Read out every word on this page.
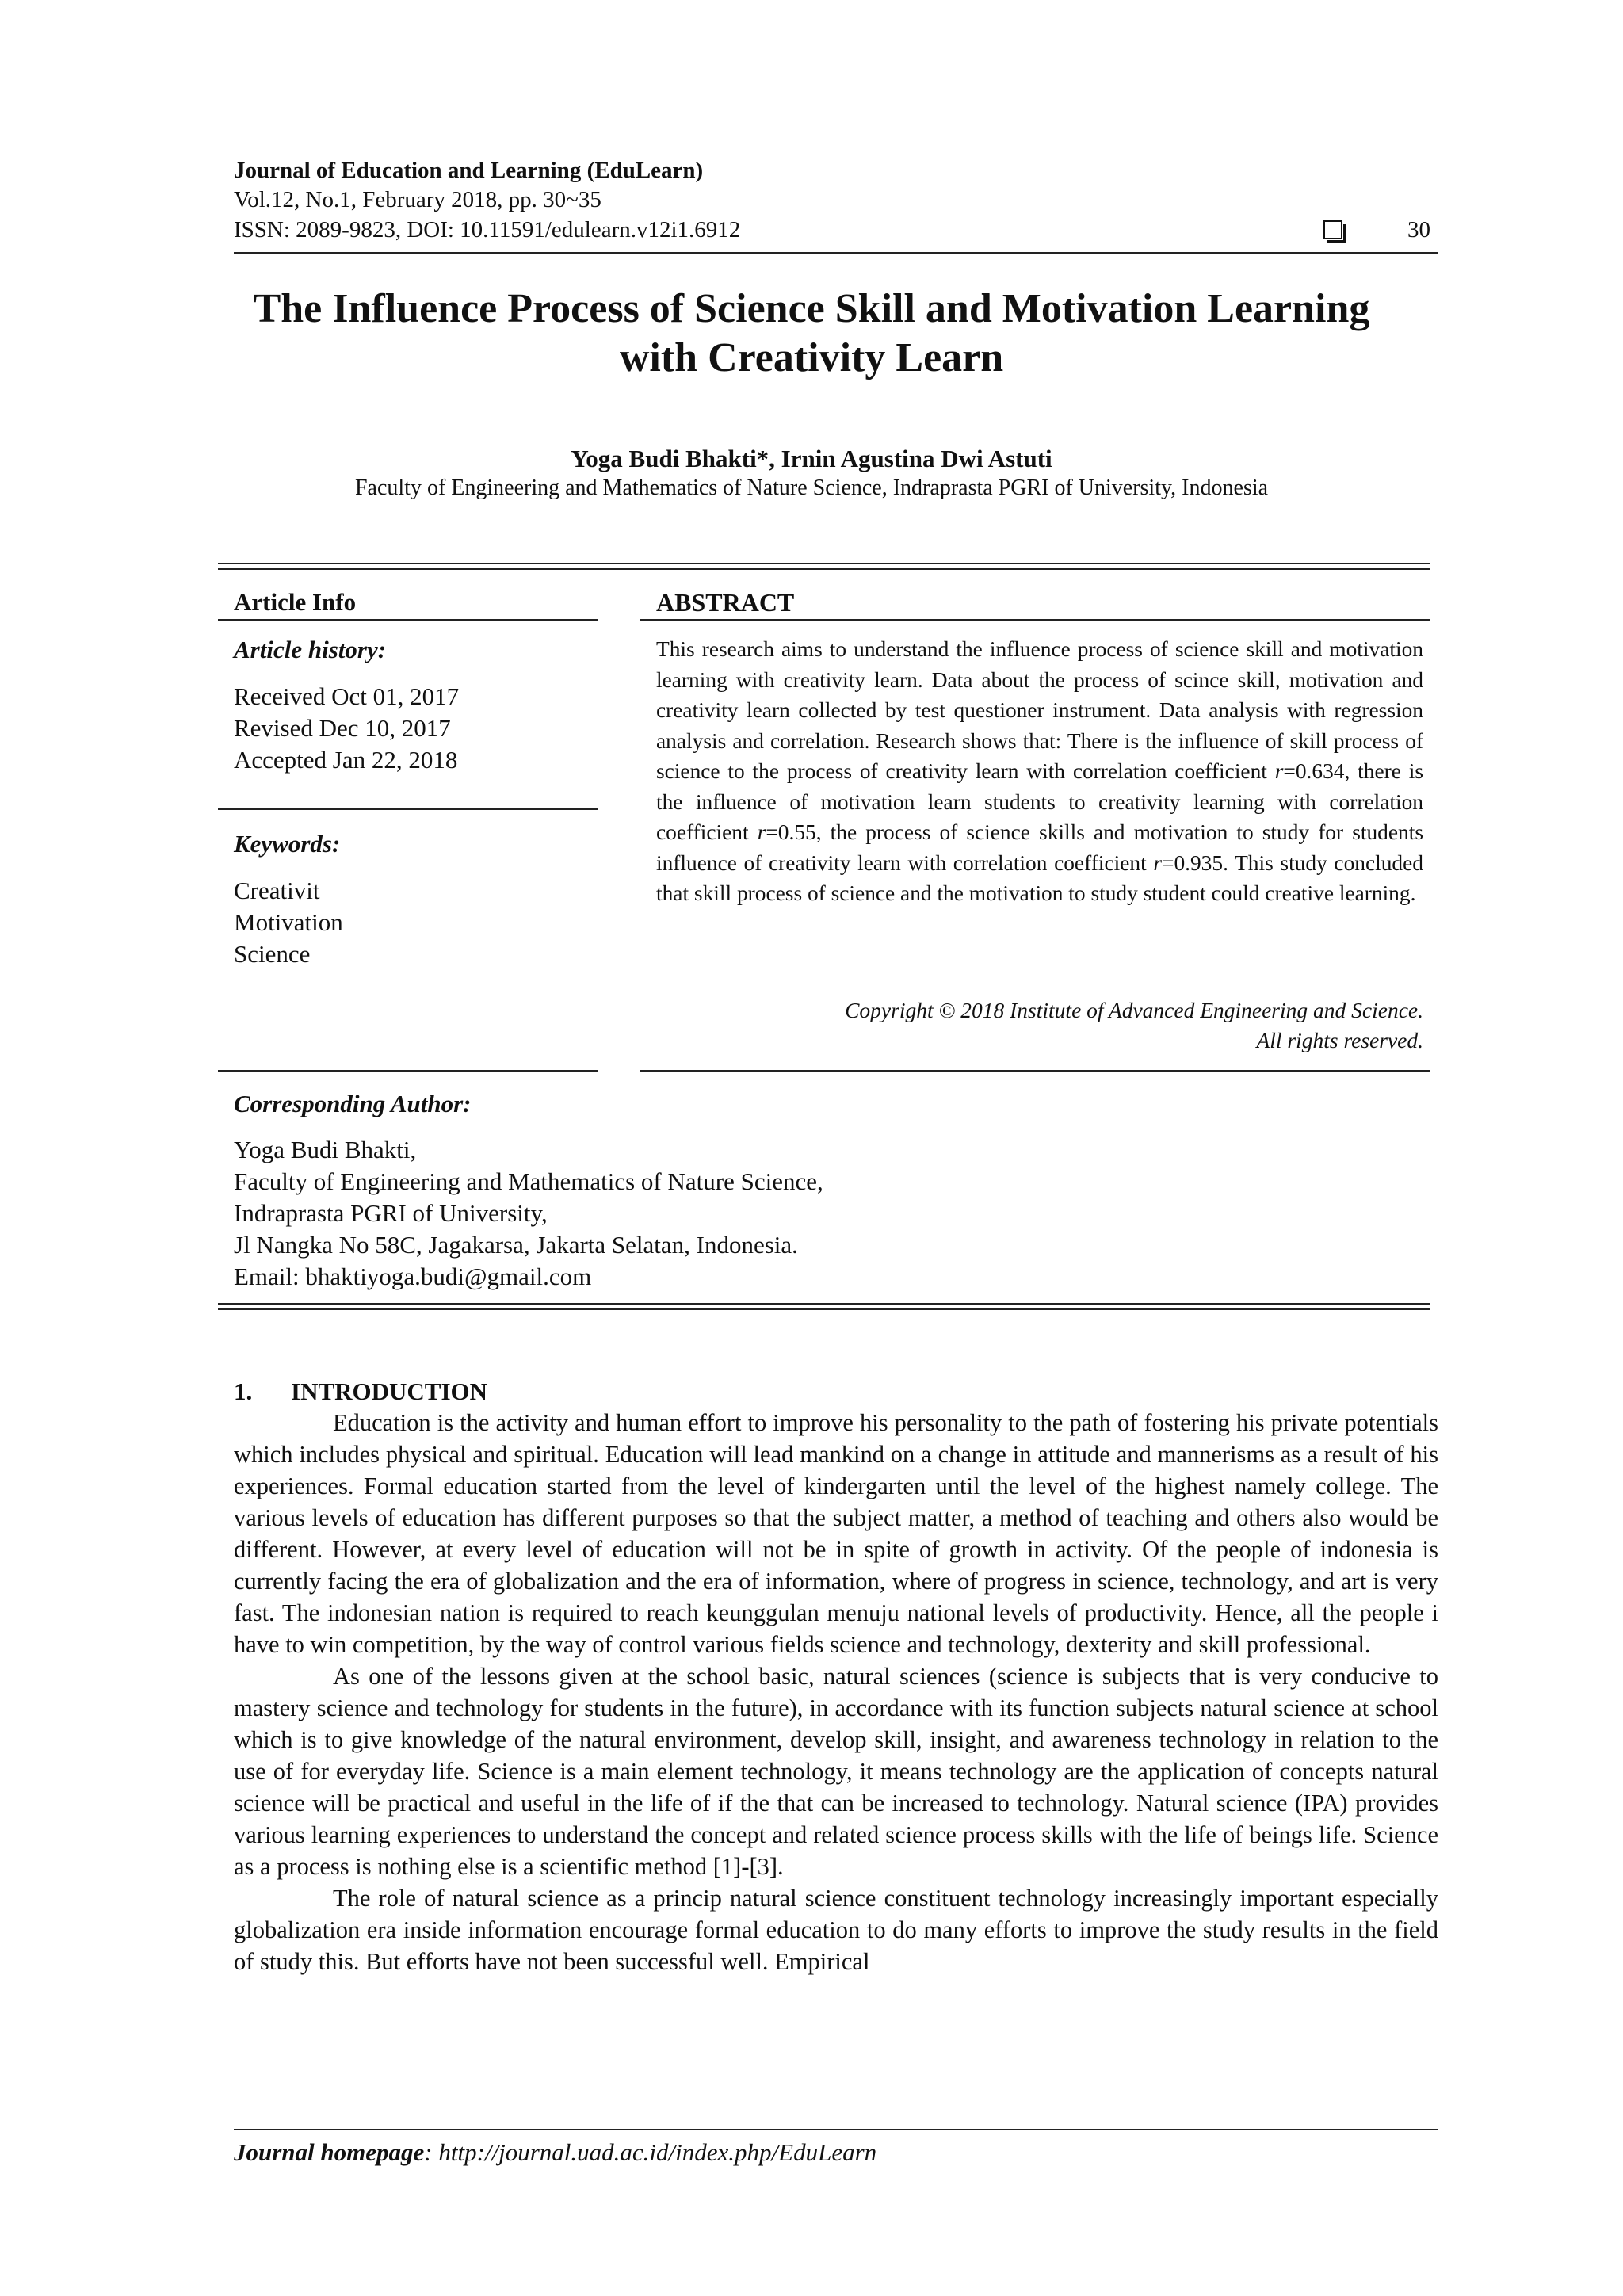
Journal of Education and Learning (EduLearn)
Vol.12, No.1, February 2018, pp. 30~35
ISSN: 2089-9823, DOI: 10.11591/edulearn.v12i1.6912	30
The Influence Process of Science Skill and Motivation Learning
with Creativity Learn
Yoga Budi Bhakti*, Irnin Agustina Dwi Astuti
Faculty of Engineering and Mathematics of Nature Science, Indraprasta PGRI of University, Indonesia
Article Info
Article history:
Received Oct 01, 2017
Revised Dec 10, 2017
Accepted Jan 22, 2018
Keywords:
Creativit
Motivation
Science
ABSTRACT
This research aims to understand the influence process of science skill and motivation learning with creativity learn. Data about the process of scince skill, motivation and creativity learn collected by test questioner instrument. Data analysis with regression analysis and correlation. Research shows that: There is the influence of skill process of science to the process of creativity learn with correlation coefficient r=0.634, there is the influence of motivation learn students to creativity learning with correlation coefficient r=0.55, the process of science skills and motivation to study for students influence of creativity learn with correlation coefficient r=0.935. This study concluded that skill process of science and the motivation to study student could creative learning.
Copyright © 2018 Institute of Advanced Engineering and Science.
All rights reserved.
Corresponding Author:
Yoga Budi Bhakti,
Faculty of Engineering and Mathematics of Nature Science,
Indraprasta PGRI of University,
Jl Nangka No 58C, Jagakarsa, Jakarta Selatan, Indonesia.
Email: bhaktiyoga.budi@gmail.com
1. INTRODUCTION

Education is the activity and human effort to improve his personality to the path of fostering his private potentials which includes physical and spiritual. Education will lead mankind on a change in attitude and mannerisms as a result of his experiences. Formal education started from the level of kindergarten until the level of the highest namely college. The various levels of education has different purposes so that the subject matter, a method of teaching and others also would be different. However, at every level of education will not be in spite of growth in activity. Of the people of indonesia is currently facing the era of globalization and the era of information, where of progress in science, technology, and art is very fast. The indonesian nation is required to reach keunggulan menuju national levels of productivity. Hence, all the people i have to win competition, by the way of control various fields science and technology, dexterity and skill professional.

As one of the lessons given at the school basic, natural sciences (science is subjects that is very conducive to mastery science and technology for students in the future), in accordance with its function subjects natural science at school which is to give knowledge of the natural environment, develop skill, insight, and awareness technology in relation to the use of for everyday life. Science is a main element technology, it means technology are the application of concepts natural science will be practical and useful in the life of if the that can be increased to technology. Natural science (IPA) provides various learning experiences to understand the concept and related science process skills with the life of beings life. Science as a process is nothing else is a scientific method [1]-[3].

The role of natural science as a princip natural science constituent technology increasingly important especially globalization era inside information encourage formal education to do many efforts to improve the study results in the field of study this. But efforts have not been successful well. Empirical

Journal homepage: http://journal.uad.ac.id/index.php/EduLearn
